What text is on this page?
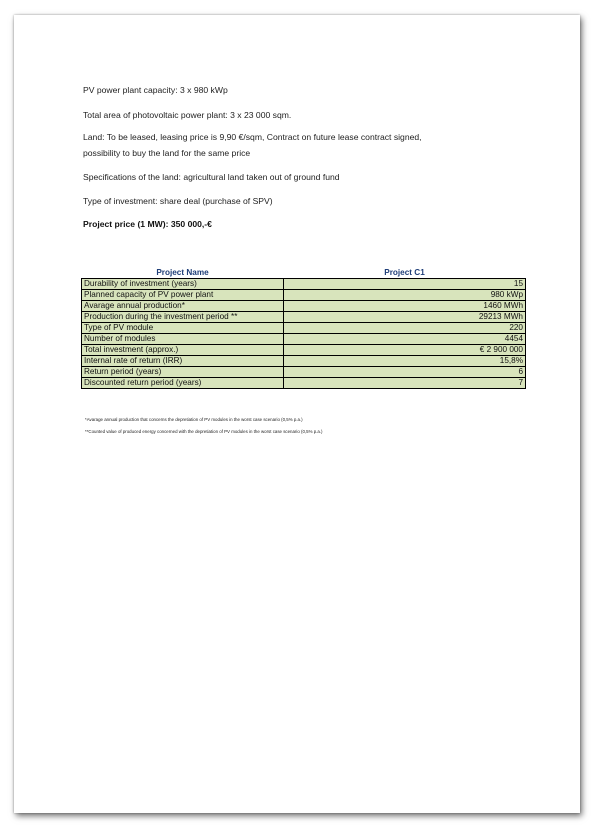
PV power plant capacity: 3 x 980 kWp

Total area of photovoltaic power plant: 3 x 23 000 sqm.

Land: To be leased, leasing price is 9,90 €/sqm, Contract on future lease contract signed,

possibility to buy the land for the same price

Specifications of the land: agricultural land taken out of ground fund

Type of investment: share deal (purchase of SPV)

Project price (1 MW): 350 000,-€

Project Name	Project C1
Durability of investment (years)	15
Planned capacity of PV power plant	980 kWp
Avarage annual production*	1460 MWh
Production during the investment period **	29213 MWh
Type of PV module	220
Number of modules	4454
Total investment (approx.)	€ 2 900 000
Internal rate of return (IRR)	15,8%
Return period (years)	6
Discounted return period (years)	7

*Avarage annual production that concerns the depretiation of PV modules in the worst case scenario (0,5% p.a.)

**Counted value of produced energy concerned with the depretiation of PV modules in the worst case scenario (0,5% p.a.)
